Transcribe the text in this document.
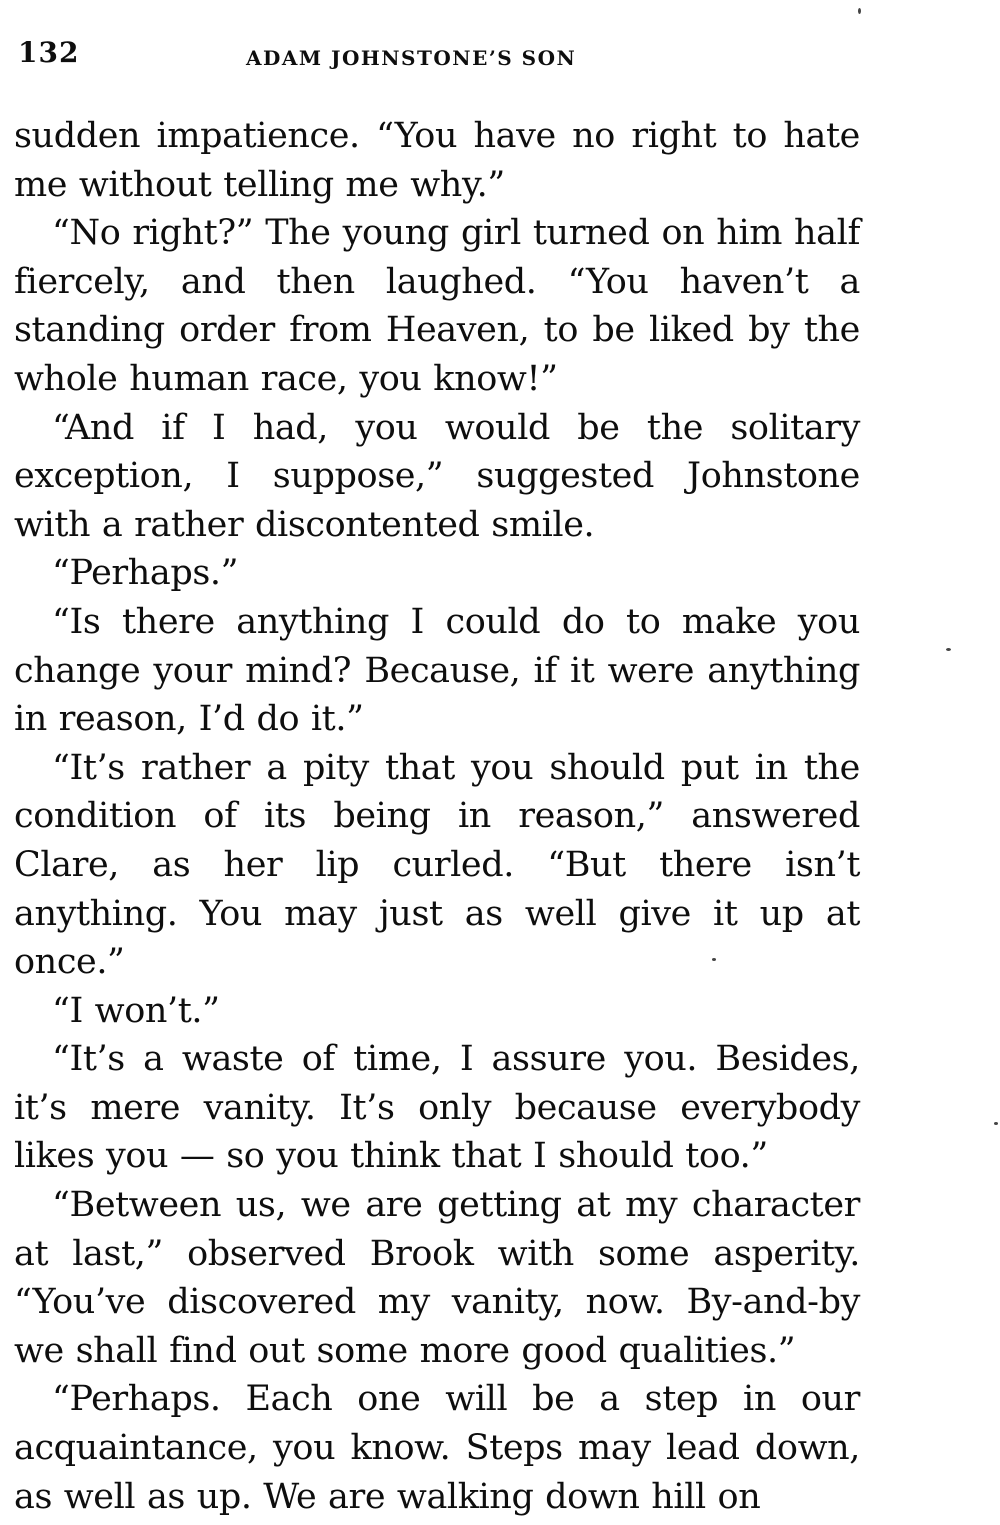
132	ADAM JOHNSTONE’S SON

sudden impatience. “You have no right to hate me without telling me why.”

“No right?” The young girl turned on him half fiercely, and then laughed. “You haven’t a standing order from Heaven, to be liked by the whole human race, you know!”

“And if I had, you would be the solitary exception, I suppose,” suggested Johnstone with a rather discontented smile.

“Perhaps.”

“Is there anything I could do to make you change your mind? Because, if it were anything in reason, I’d do it.”

“It’s rather a pity that you should put in the condition of its being in reason,” answered Clare, as her lip curled. “But there isn’t anything. You may just as well give it up at once.”

“I won’t.”

“It’s a waste of time, I assure you. Besides, it’s mere vanity. It’s only because everybody likes you — so you think that I should too.”

“Between us, we are getting at my character at last,” observed Brook with some asperity. “You’ve discovered my vanity, now. By-and-by we shall find out some more good qualities.”

“Perhaps. Each one will be a step in our acquaintance, you know. Steps may lead down, as well as up. We are walking down hill on
